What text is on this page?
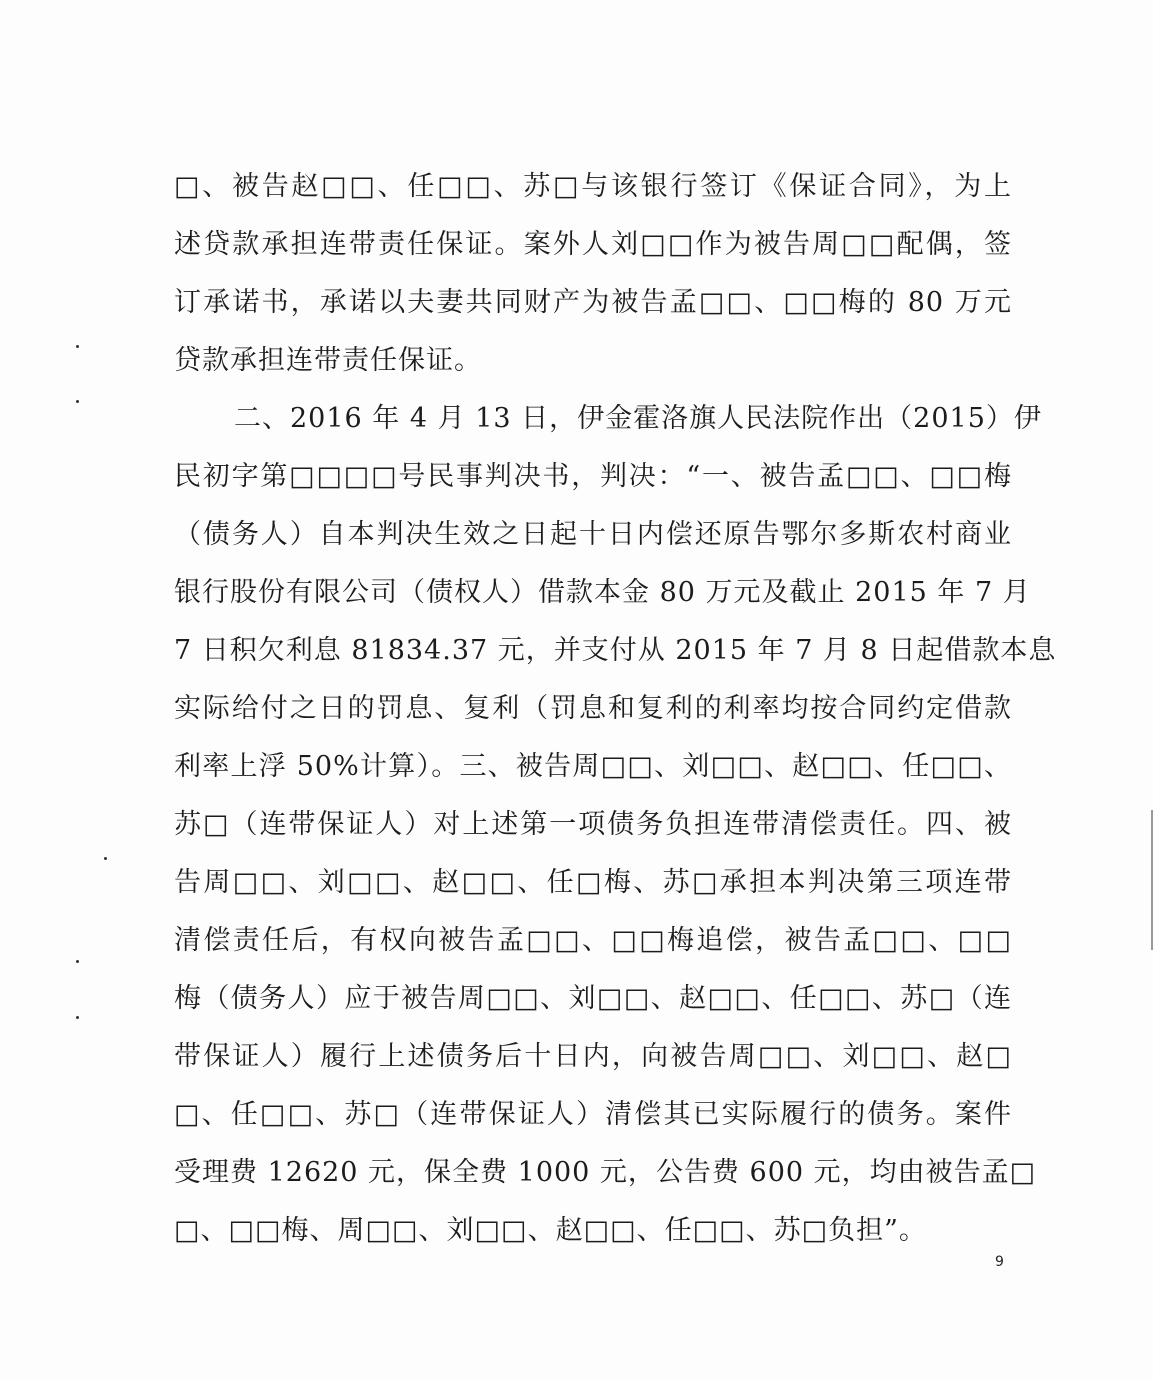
□、被告赵□□、任□□、苏□与该银行签订《保证合同》，为上
述贷款承担连带责任保证。案外人刘□□作为被告周□□配偶，签
订承诺书，承诺以夫妻共同财产为被告孟□□、□□梅的 80 万元
贷款承担连带责任保证。
二、2016 年 4 月 13 日，伊金霍洛旗人民法院作出（2015）伊
民初字第□□□□号民事判决书，判决：“一、被告孟□□、□□梅
（债务人）自本判决生效之日起十日内偿还原告鄂尔多斯农村商业
银行股份有限公司（债权人）借款本金 80 万元及截止 2015 年 7 月
7 日积欠利息 81834.37 元，并支付从 2015 年 7 月 8 日起借款本息
实际给付之日的罚息、复利（罚息和复利的利率均按合同约定借款
利率上浮 50%计算）。三、被告周□□、刘□□、赵□□、任□□、
苏□（连带保证人）对上述第一项债务负担连带清偿责任。四、被
告周□□、刘□□、赵□□、任□梅、苏□承担本判决第三项连带
清偿责任后，有权向被告孟□□、□□梅追偿，被告孟□□、□□
梅（债务人）应于被告周□□、刘□□、赵□□、任□□、苏□（连
带保证人）履行上述债务后十日内，向被告周□□、刘□□、赵□
□、任□□、苏□（连带保证人）清偿其已实际履行的债务。案件
受理费 12620 元，保全费 1000 元，公告费 600 元，均由被告孟□
□、□□梅、周□□、刘□□、赵□□、任□□、苏□负担”。
9
